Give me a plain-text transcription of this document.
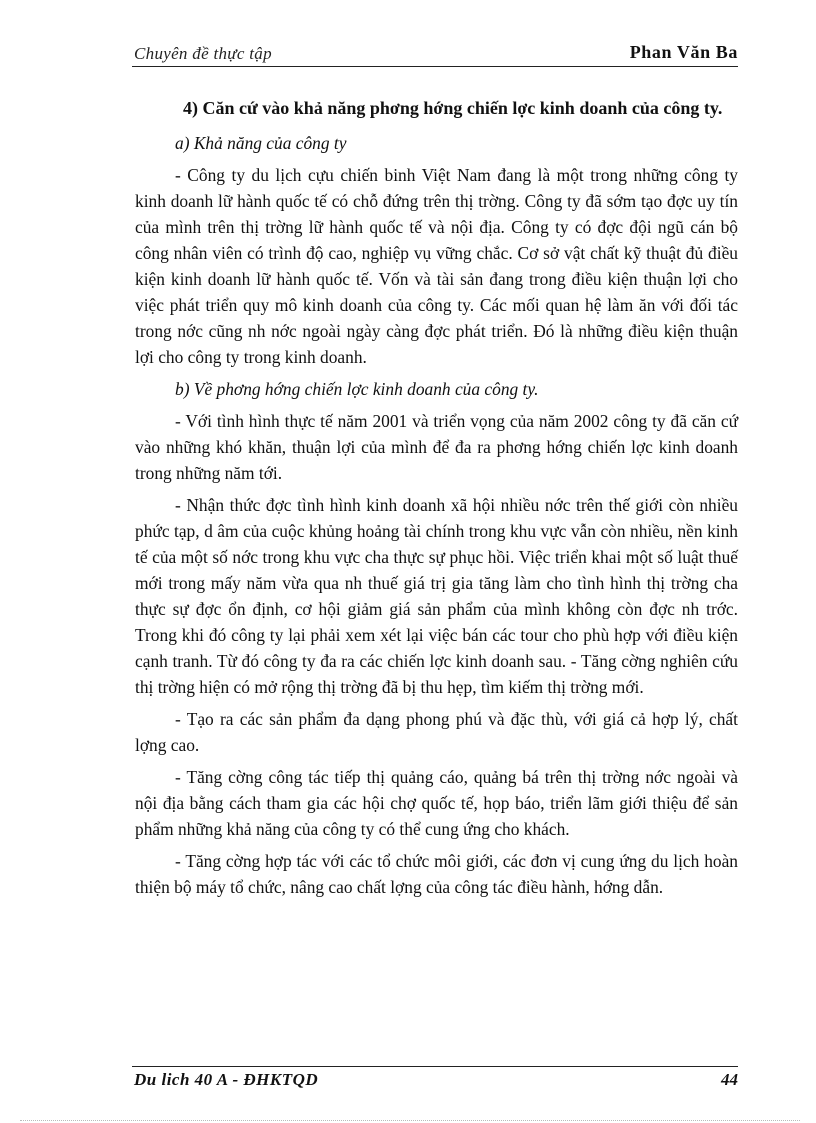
Chuyên đề thực tập	Phan Văn Ba

4) Căn cứ vào khả năng phơng hớng chiến lợc kinh doanh của công ty.

a) Khả năng của công ty

- Công ty du lịch cựu chiến binh Việt Nam đang là một trong những công ty kinh doanh lữ hành quốc tế có chỗ đứng trên thị trờng. Công ty đã sớm tạo đợc uy tín của mình trên thị trờng lữ hành quốc tế và nội địa. Công ty có đợc đội ngũ cán bộ công nhân viên có trình độ cao, nghiệp vụ vững chắc. Cơ sở vật chất kỹ thuật đủ điều kiện kinh doanh lữ hành quốc tế. Vốn và tài sản đang trong điều kiện thuận lợi cho việc phát triển quy mô kinh doanh của công ty. Các mối quan hệ làm ăn với đối tác trong nớc cũng nh nớc ngoài ngày càng đợc phát triển. Đó là những điều kiện thuận lợi cho công ty trong kinh doanh.

b) Về phơng hớng chiến lợc kinh doanh của công ty.

- Với tình hình thực tế năm 2001 và triển vọng của năm 2002 công ty đã căn cứ vào những khó khăn, thuận lợi của mình để đa ra phơng hớng chiến lợc kinh doanh trong những năm tới.

- Nhận thức đợc tình hình kinh doanh xã hội nhiều nớc trên thế giới còn nhiều phức tạp, d âm của cuộc khủng hoảng tài chính trong khu vực vẫn còn nhiều, nền kinh tế của một số nớc trong khu vực cha thực sự phục hồi. Việc triển khai một số luật thuế mới trong mấy năm vừa qua nh thuế giá trị gia tăng làm cho tình hình thị trờng cha thực sự đợc ổn định, cơ hội giảm giá sản phẩm của mình không còn đợc nh trớc. Trong khi đó công ty lại phải xem xét lại việc bán các tour cho phù hợp với điều kiện cạnh tranh. Từ đó công ty đa ra các chiến lợc kinh doanh sau. - Tăng cờng nghiên cứu thị trờng hiện có mở rộng thị trờng đã bị thu hẹp, tìm kiếm thị trờng mới.

- Tạo ra các sản phẩm đa dạng phong phú và đặc thù, với giá cả hợp lý, chất lợng cao.

- Tăng cờng công tác tiếp thị quảng cáo, quảng bá trên thị trờng nớc ngoài và nội địa bằng cách tham gia các hội chợ quốc tế, họp báo, triển lãm giới thiệu để sản phẩm những khả năng của công ty có thể cung ứng cho khách.

- Tăng cờng hợp tác với các tổ chức môi giới, các đơn vị cung ứng du lịch hoàn thiện bộ máy tổ chức, nâng cao chất lợng của công tác điều hành, hớng dẫn.

Du lich 40 A - ĐHKTQD	44
